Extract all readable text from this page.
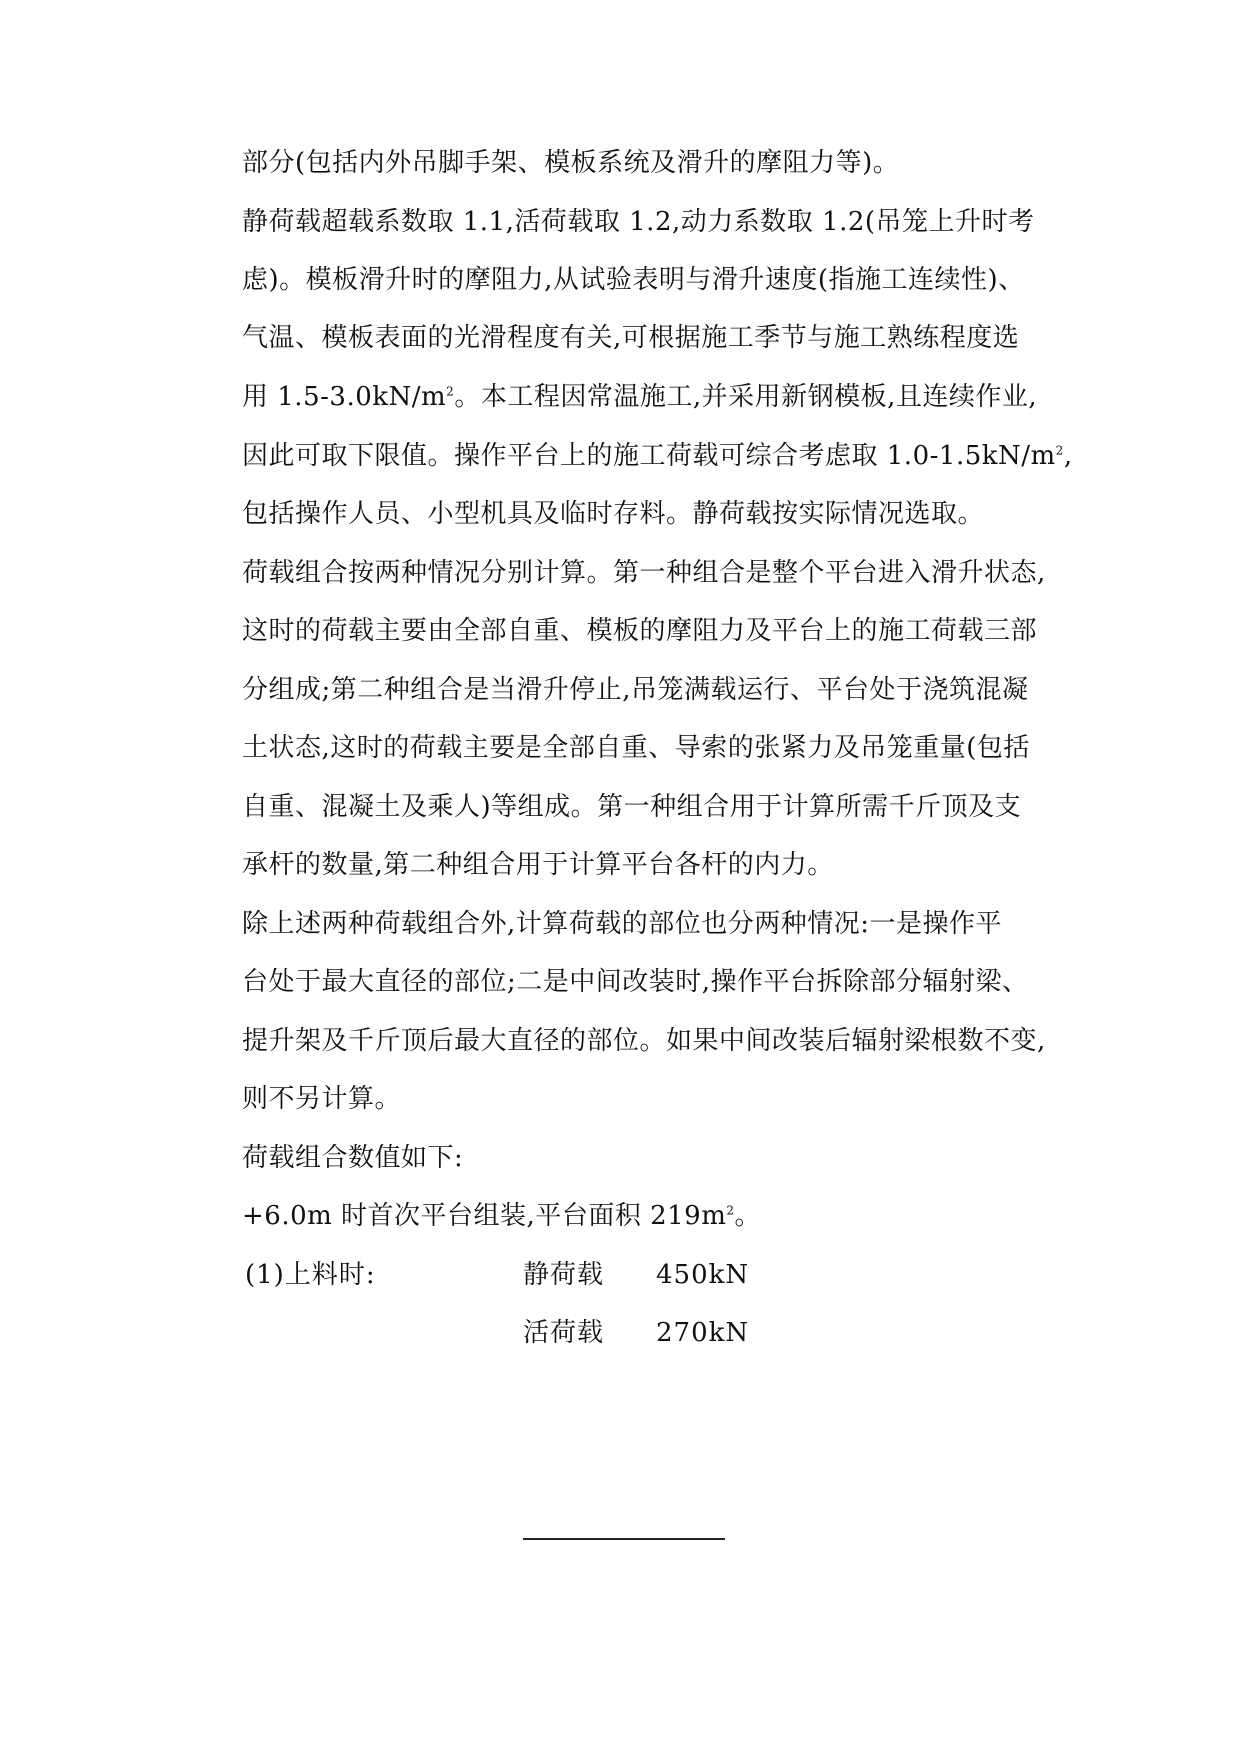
部分(包括内外吊脚手架、模板系统及滑升的摩阻力等)。
静荷载超载系数取 1.1,活荷载取 1.2,动力系数取 1.2(吊笼上升时考
虑)。模板滑升时的摩阻力,从试验表明与滑升速度(指施工连续性)、
气温、模板表面的光滑程度有关,可根据施工季节与施工熟练程度选
用 $1.5-3.0kN/m^2$。本工程因常温施工,并采用新钢模板,且连续作业,
因此可取下限值。操作平台上的施工荷载可综合考虑取 $1.0-1.5kN/m^2$,
包括操作人员、小型机具及临时存料。静荷载按实际情况选取。
荷载组合按两种情况分别计算。第一种组合是整个平台进入滑升状态,
这时的荷载主要由全部自重、模板的摩阻力及平台上的施工荷载三部
分组成;第二种组合是当滑升停止,吊笼满载运行、平台处于浇筑混凝
土状态,这时的荷载主要是全部自重、导索的张紧力及吊笼重量(包括
自重、混凝土及乘人)等组成。第一种组合用于计算所需千斤顶及支
承杆的数量,第二种组合用于计算平台各杆的内力。
除上述两种荷载组合外,计算荷载的部位也分两种情况:一是操作平
台处于最大直径的部位;二是中间改装时,操作平台拆除部分辐射梁、
提升架及千斤顶后最大直径的部位。如果中间改装后辐射梁根数不变,
则不另计算。
荷载组合数值如下:
+6.0m 时首次平台组装,平台面积 $219m^2$。
(1)上料时:	静荷载 450kN
活荷载 270kN
